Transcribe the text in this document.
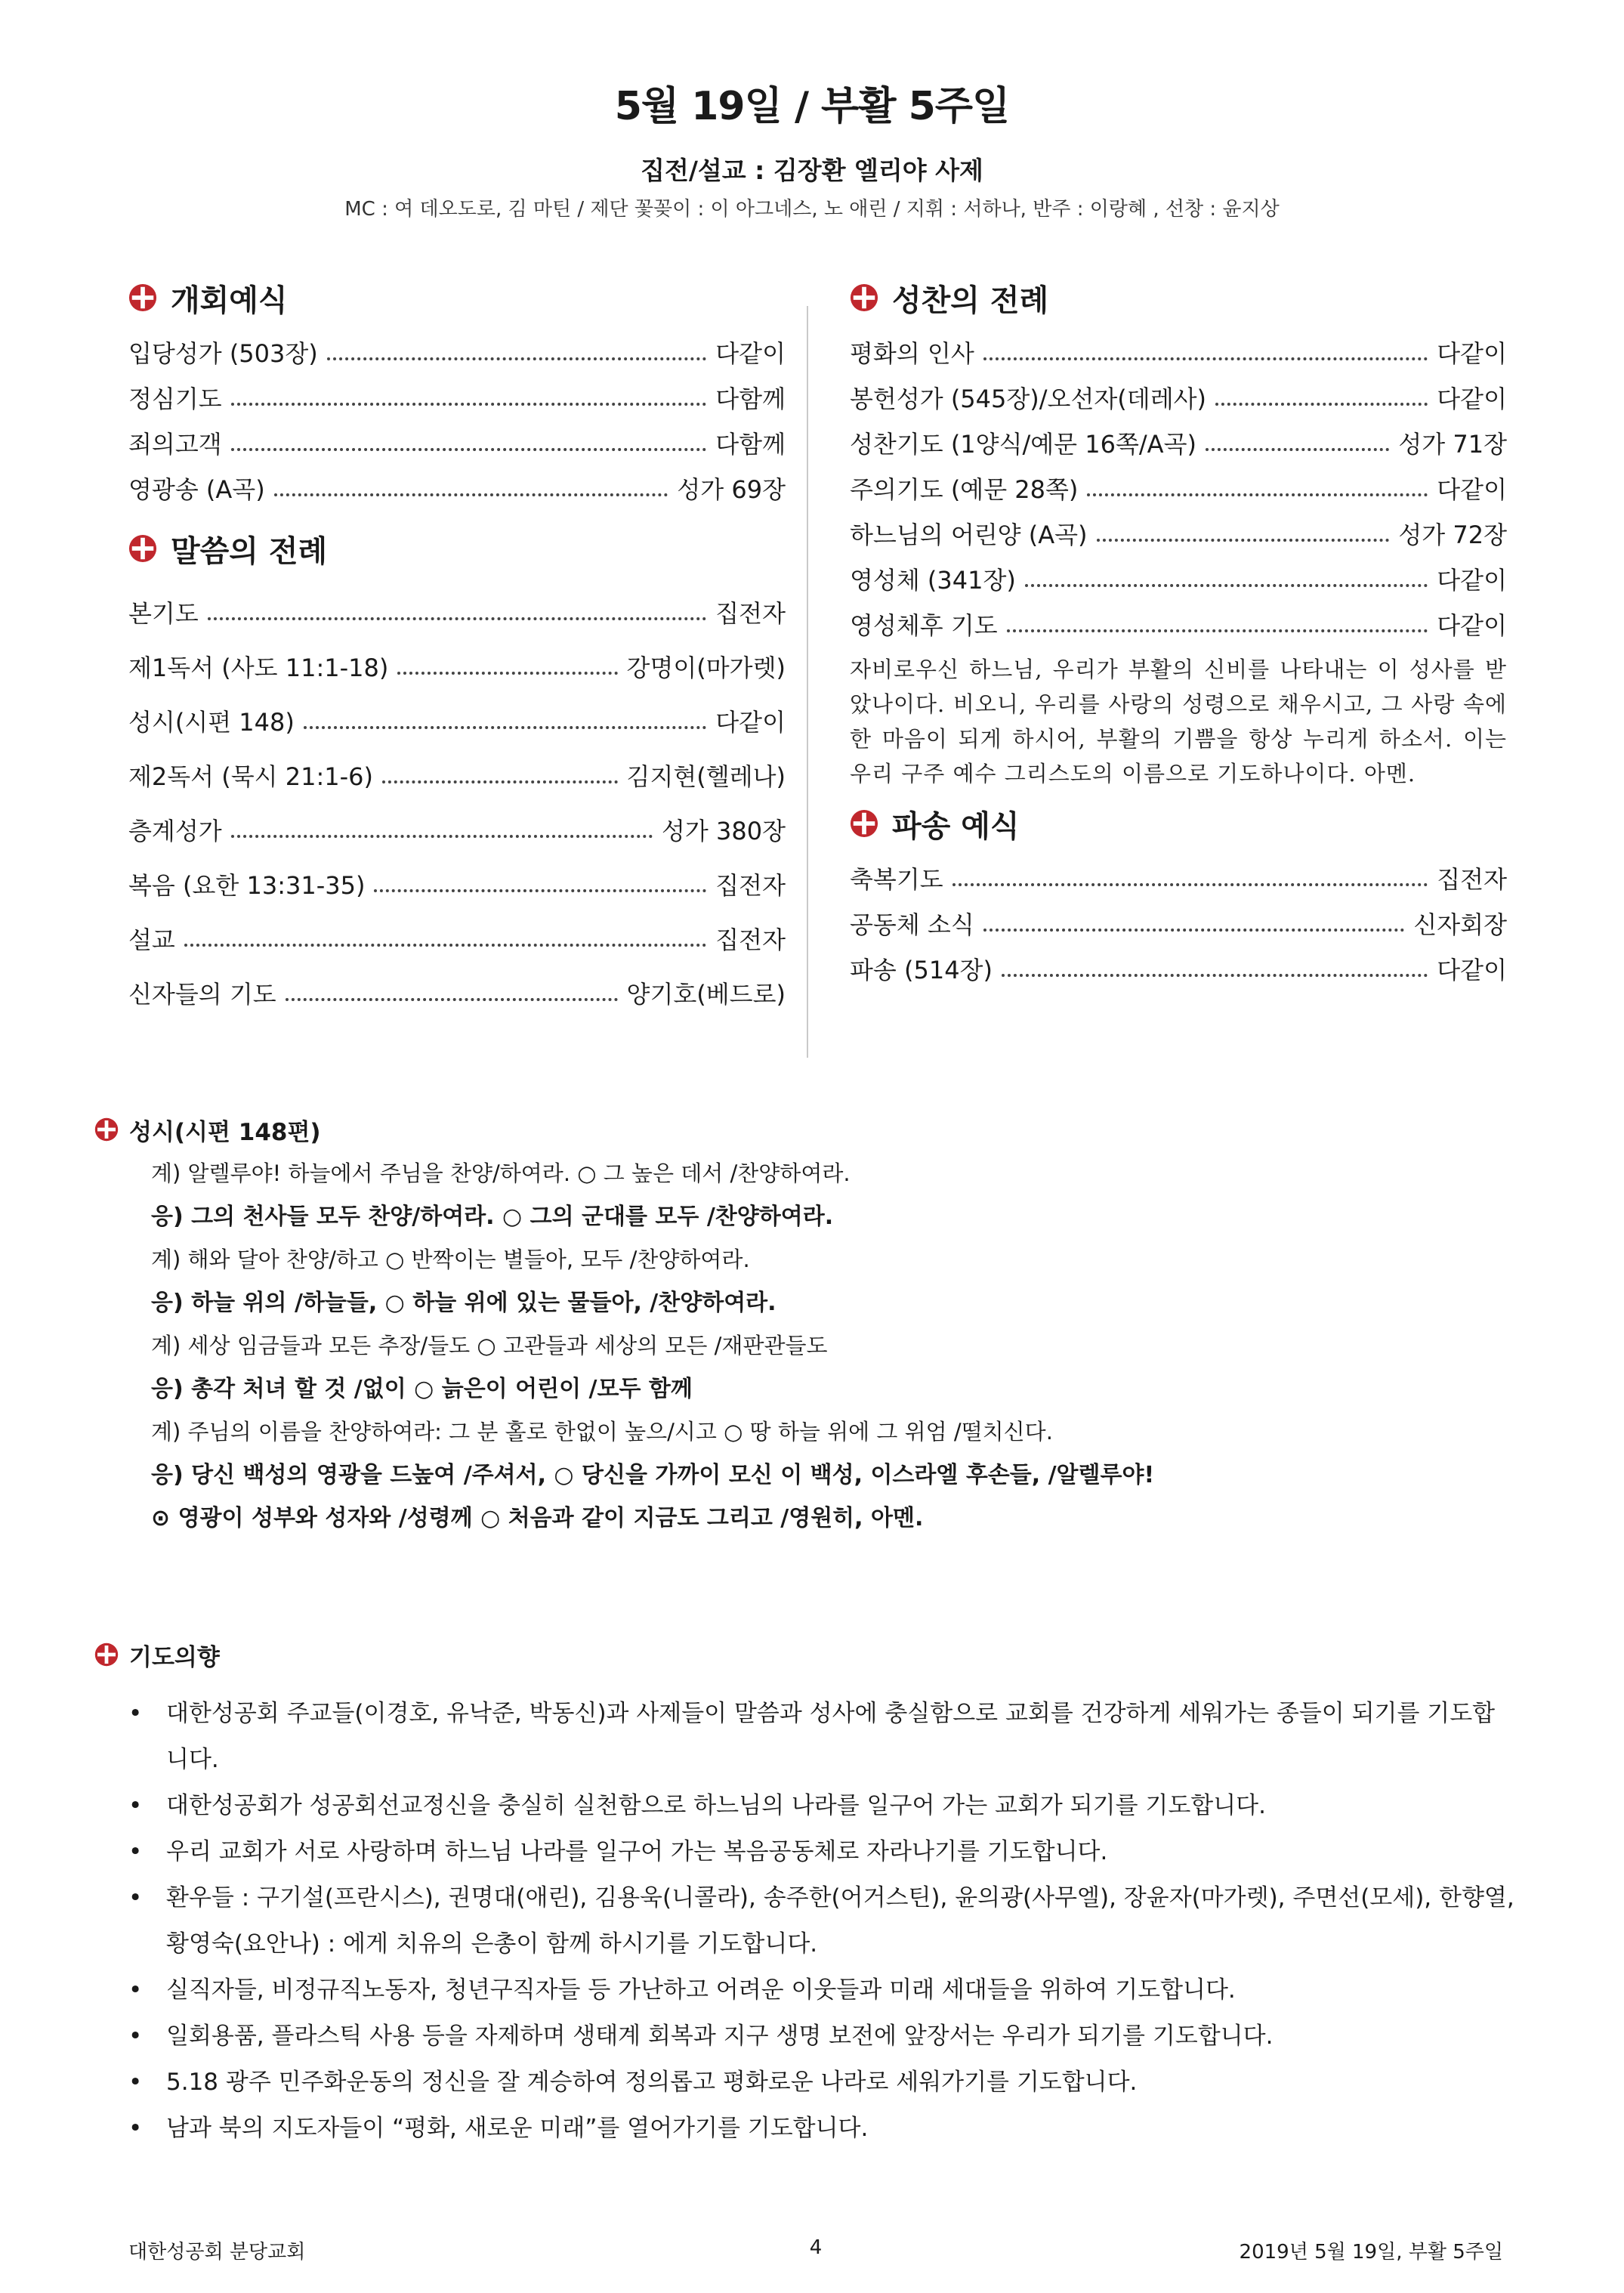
5월 19일 / 부활 5주일
집전/설교 : 김장환 엘리야 사제
MC : 여 데오도로, 김 마틴 / 제단 꽃꽂이 : 이 아그네스, 노 애린 / 지휘 : 서하나, 반주 : 이랑혜 , 선창 : 윤지상
개회예식
입당성가 (503장)	다같이
정심기도	다함께
죄의고객	다함께
영광송 (A곡)	성가 69장
말씀의 전례
본기도	집전자
제1독서 (사도 11:1-18)	강명이(마가렛)
성시(시편 148)	다같이
제2독서 (묵시 21:1-6)	김지현(헬레나)
층계성가	성가 380장
복음 (요한 13:31-35)	집전자
설교	집전자
신자들의 기도	양기호(베드로)
성찬의 전례
평화의 인사	다같이
봉헌성가 (545장)/오선자(데레사)	다같이
성찬기도 (1양식/예문 16쪽/A곡)	성가 71장
주의기도 (예문 28쪽)	다같이
하느님의 어린양 (A곡)	성가 72장
영성체 (341장)	다같이
영성체후 기도	다같이
자비로우신 하느님, 우리가 부활의 신비를 나타내는 이 성사를 받았나이다. 비오니, 우리를 사랑의 성령으로 채우시고, 그 사랑 속에 한 마음이 되게 하시어, 부활의 기쁨을 항상 누리게 하소서. 이는 우리 구주 예수 그리스도의 이름으로 기도하나이다. 아멘.
파송 예식
축복기도	집전자
공동체 소식	신자회장
파송 (514장)	다같이
성시(시편 148편)
계) 알렐루야! 하늘에서 주님을 찬양/하여라. ○ 그 높은 데서 /찬양하여라.
응) 그의 천사들 모두 찬양/하여라. ○ 그의 군대를 모두 /찬양하여라.
계) 해와 달아 찬양/하고 ○ 반짝이는 별들아, 모두 /찬양하여라.
응) 하늘 위의 /하늘들, ○ 하늘 위에 있는 물들아, /찬양하여라.
계) 세상 임금들과 모든 추장/들도 ○ 고관들과 세상의 모든 /재판관들도
응) 총각 처녀 할 것 /없이 ○ 늙은이 어린이 /모두 함께
계) 주님의 이름을 찬양하여라: 그 분 홀로 한없이 높으/시고 ○ 땅 하늘 위에 그 위엄 /떨치신다.
응) 당신 백성의 영광을 드높여 /주셔서, ○ 당신을 가까이 모신 이 백성, 이스라엘 후손들, /알렐루야!
⊙ 영광이 성부와 성자와 /성령께 ○ 처음과 같이 지금도 그리고 /영원히, 아멘.
기도의향
• 대한성공회 주교들(이경호, 유낙준, 박동신)과 사제들이 말씀과 성사에 충실함으로 교회를 건강하게 세워가는 종들이 되기를 기도합니다.
• 대한성공회가 성공회선교정신을 충실히 실천함으로 하느님의 나라를 일구어 가는 교회가 되기를 기도합니다.
• 우리 교회가 서로 사랑하며 하느님 나라를 일구어 가는 복음공동체로 자라나기를 기도합니다.
• 환우들 : 구기설(프란시스), 권명대(애린), 김용욱(니콜라), 송주한(어거스틴), 윤의광(사무엘), 장윤자(마가렛), 주면선(모세), 한향열, 황영숙(요안나) : 에게 치유의 은총이 함께 하시기를 기도합니다.
• 실직자들, 비정규직노동자, 청년구직자들 등 가난하고 어려운 이웃들과 미래 세대들을 위하여 기도합니다.
• 일회용품, 플라스틱 사용 등을 자제하며 생태계 회복과 지구 생명 보전에 앞장서는 우리가 되기를 기도합니다.
• 5.18 광주 민주화운동의 정신을 잘 계승하여 정의롭고 평화로운 나라로 세워가기를 기도합니다.
• 남과 북의 지도자들이 “평화, 새로운 미래”를 열어가기를 기도합니다.
대한성공회 분당교회	4	2019년 5월 19일, 부활 5주일
